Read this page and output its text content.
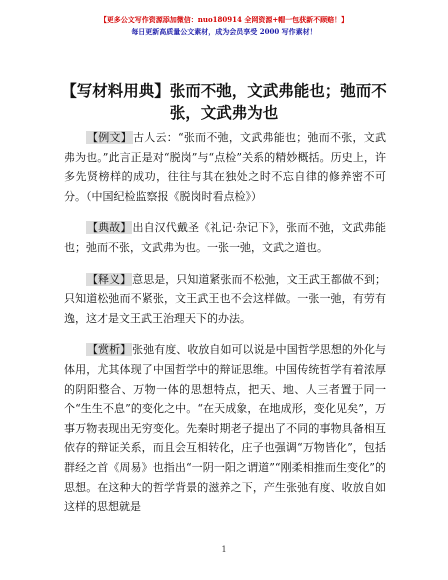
【更多公文写作资源添加微信：nuo180914 全网资源+帽一包获新不顾赔！】
每日更新高质量公文素材，成为会员享受 2000 写作素材！
【写材料用典】张而不弛，文武弗能也；弛而不张，文武弗为也

【例文】古人云：“张而不弛，文武弗能也；弛而不张，文武弗为也。”此言正是对“脱岗”与“点检”关系的精妙概括。历史上，许多先贤榜样的成功，往往与其在独处之时不忘自律的修养密不可分。（中国纪检监察报《脱岗时看点检》）

【典故】出自汉代戴圣《礼记·杂记下》，张而不弛，文武弗能也；弛而不张，文武弗为也。一张一弛，文武之道也。

【释义】意思是，只知道紧张而不松弛，文王武王都做不到；只知道松弛而不紧张，文王武王也不会这样做。一张一弛，有劳有逸，这才是文王武王治理天下的办法。

【赏析】张弛有度、收放自如可以说是中国哲学思想的外化与体用，尤其体现了中国哲学中的辩证思维。中国传统哲学有着浓厚的阴阳整合、万物一体的思想特点，把天、地、人三者置于同一个“生生不息”的变化之中。“在天成象，在地成形，变化见矣”，万事万物表现出无穷变化。先秦时期老子提出了不同的事物具备相互依存的辩证关系，而且会互相转化，庄子也强调“万物皆化”，包括群经之首《周易》也指出“一阴一阳之谓道”“刚柔相推而生变化”的思想。在这种大的哲学背景的滋养之下，产生张弛有度、收放自如这样的思想就是

1
